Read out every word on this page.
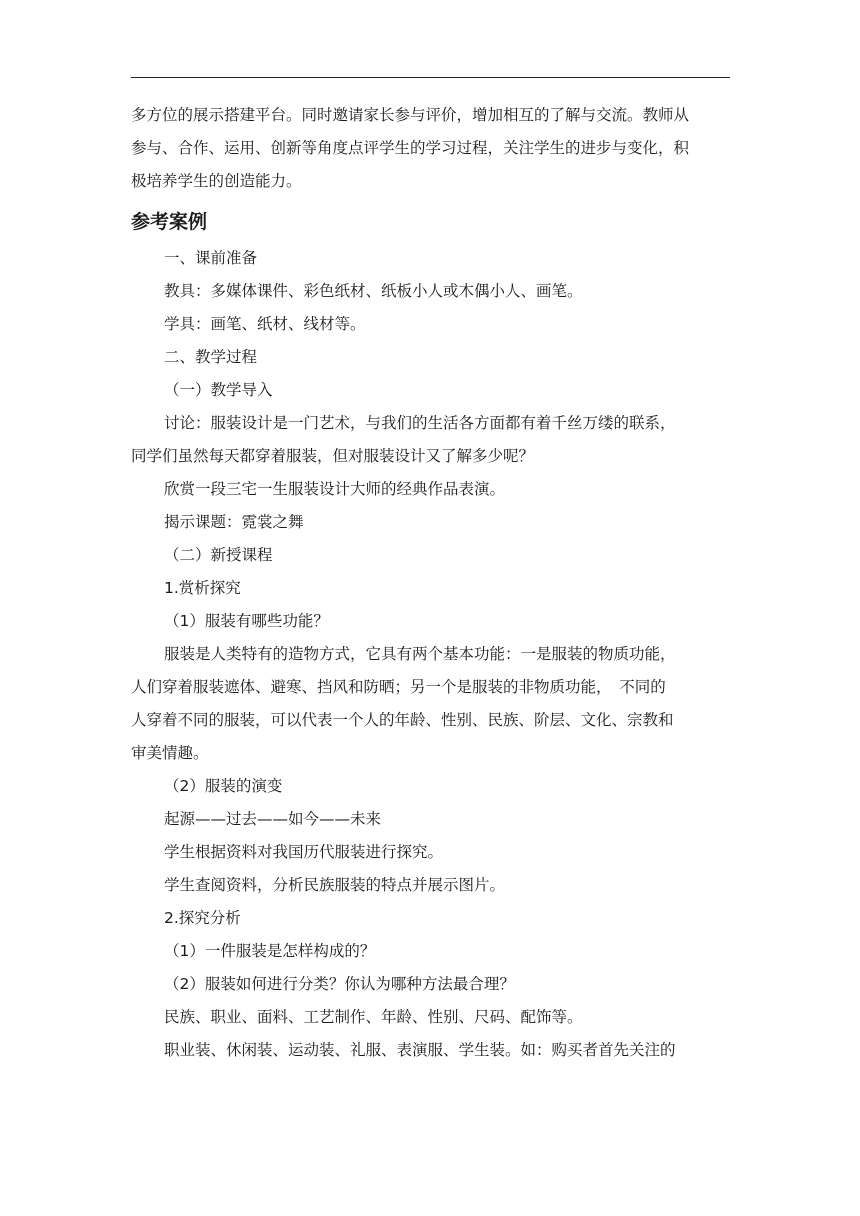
多方位的展示搭建平台。同时邀请家长参与评价，增加相互的了解与交流。教师从

参与、合作、运用、创新等角度点评学生的学习过程，关注学生的进步与变化，积

极培养学生的创造能力。

参考案例

一、课前准备

教具：多媒体课件、彩色纸材、纸板小人或木偶小人、画笔。

学具：画笔、纸材、线材等。

二、教学过程

（一）教学导入

讨论：服装设计是一门艺术，与我们的生活各方面都有着千丝万缕的联系，

同学们虽然每天都穿着服装，但对服装设计又了解多少呢？

欣赏一段三宅一生服装设计大师的经典作品表演。

揭示课题：霓裳之舞

（二）新授课程

1.赏析探究

（1）服装有哪些功能？

服装是人类特有的造物方式，它具有两个基本功能：一是服装的物质功能，

人们穿着服装遮体、避寒、挡风和防晒；另一个是服装的非物质功能，　不同的

人穿着不同的服装，可以代表一个人的年龄、性别、民族、阶层、文化、宗教和

审美情趣。

（2）服装的演变

起源——过去——如今——未来

学生根据资料对我国历代服装进行探究。

学生查阅资料，分析民族服装的特点并展示图片。

2.探究分析

（1）一件服装是怎样构成的？

（2）服装如何进行分类？你认为哪种方法最合理？

民族、职业、面料、工艺制作、年龄、性别、尺码、配饰等。

职业装、休闲装、运动装、礼服、表演服、学生装。如：购买者首先关注的
